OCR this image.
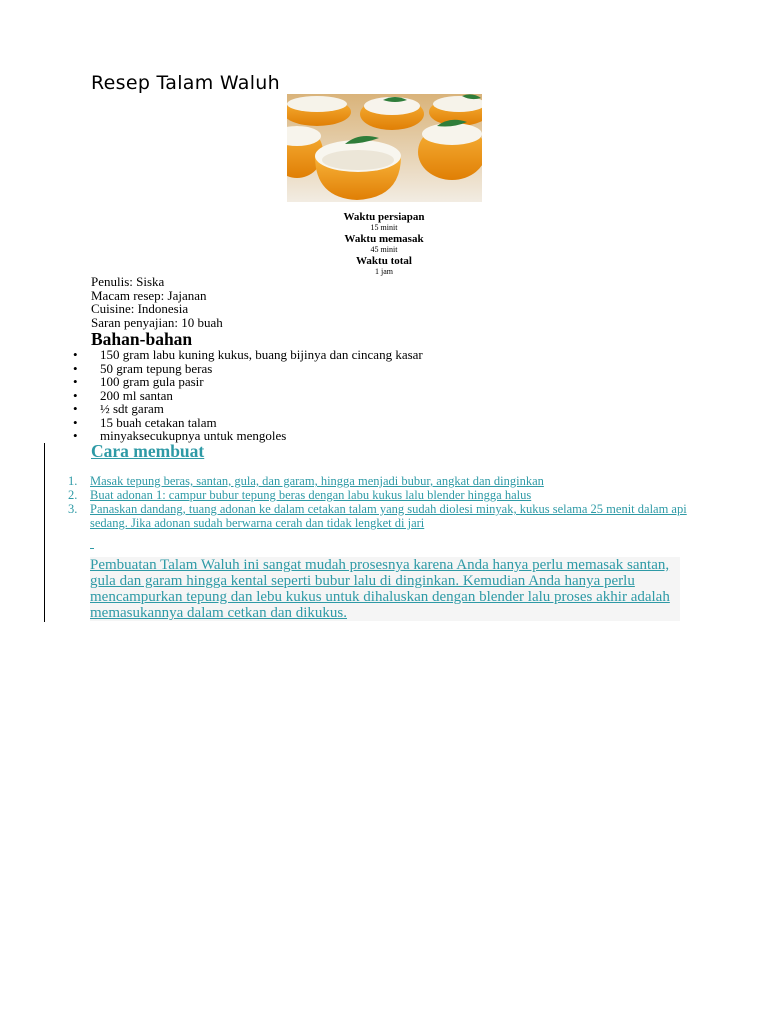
Resep Talam Waluh
Waktu persiapan
15 minit
Waktu memasak
45 minit
Waktu total
1 jam
Penulis: Siska
Macam resep: Jajanan
Cuisine: Indonesia
Saran penyajian: 10 buah
Bahan-bahan
• 150 gram labu kuning kukus, buang bijinya dan cincang kasar
• 50 gram tepung beras
• 100 gram gula pasir
• 200 ml santan
• ½ sdt garam
• 15 buah cetakan talam
• minyaksecukupnya untuk mengoles
Cara membuat
1. Masak tepung beras, santan, gula, dan garam, hingga menjadi bubur, angkat dan dinginkan
2. Buat adonan 1: campur bubur tepung beras dengan labu kukus lalu blender hingga halus
3. Panaskan dandang, tuang adonan ke dalam cetakan talam yang sudah diolesi minyak, kukus selama 25 menit dalam api sedang. Jika adonan sudah berwarna cerah dan tidak lengket di jari
Pembuatan Talam Waluh ini sangat mudah prosesnya karena Anda hanya perlu memasak santan, gula dan garam hingga kental seperti bubur lalu di dinginkan. Kemudian Anda hanya perlu mencampurkan tepung dan lebu kukus untuk dihaluskan dengan blender lalu proses akhir adalah memasukannya dalam cetkan dan dikukus.
